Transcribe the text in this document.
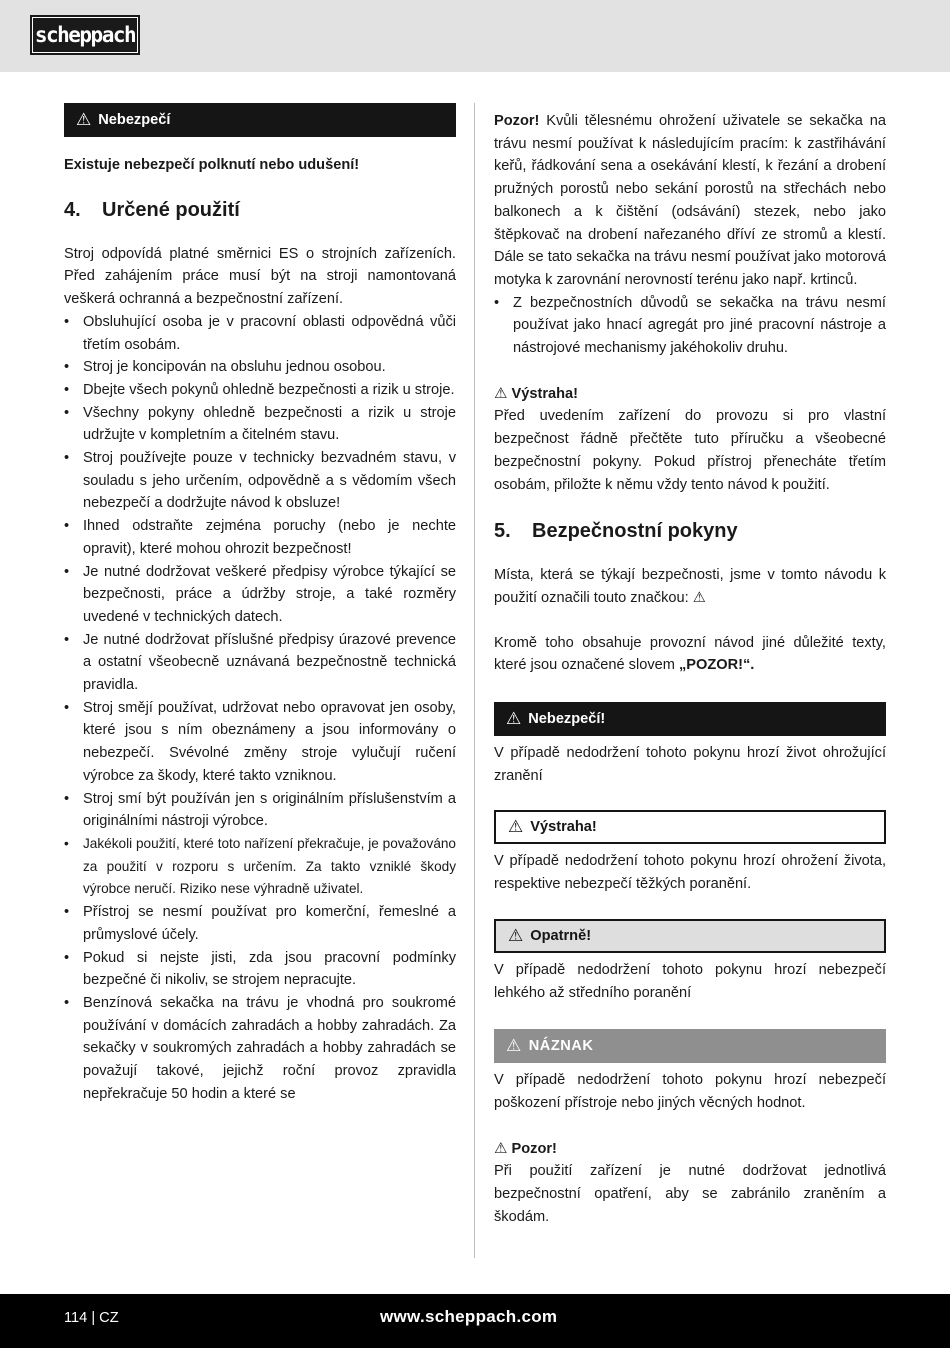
scheppach
⚠ Nebezpečí

Existuje nebezpečí polknutí nebo udušení!

4. Určené použití

Stroj odpovídá platné směrnici ES o strojních zařízeních. Před zahájením práce musí být na stroji namontovaná veškerá ochranná a bezpečnostní zařízení.

• Obsluhující osoba je v pracovní oblasti odpovědná vůči třetím osobám.
• Stroj je koncipován na obsluhu jednou osobou.
• Dbejte všech pokynů ohledně bezpečnosti a rizik u stroje.
• Všechny pokyny ohledně bezpečnosti a rizik u stroje udržujte v kompletním a čitelném stavu.
• Stroj používejte pouze v technicky bezvadném stavu, v souladu s jeho určením, odpovědně a s vědomím všech nebezpečí a dodržujte návod k obsluze!
• Ihned odstraňte zejména poruchy (nebo je nechte opravit), které mohou ohrozit bezpečnost!
• Je nutné dodržovat veškeré předpisy výrobce týkající se bezpečnosti, práce a údržby stroje, a také rozměry uvedené v technických datech.
• Je nutné dodržovat příslušné předpisy úrazové prevence a ostatní všeobecně uznávaná bezpečnostně technická pravidla.
• Stroj smějí používat, udržovat nebo opravovat jen osoby, které jsou s ním obeznámeny a jsou informovány o nebezpečí. Svévolné změny stroje vylučují ručení výrobce za škody, které takto vzniknou.
• Stroj smí být používán jen s originálním příslušenstvím a originálními nástroji výrobce.
• Jakékoli použití, které toto nařízení překračuje, je považováno za použití v rozporu s určením. Za takto vzniklé škody výrobce neručí. Riziko nese výhradně uživatel.
• Přístroj se nesmí používat pro komerční, řemeslné a průmyslové účely.
• Pokud si nejste jisti, zda jsou pracovní podmínky bezpečné či nikoliv, se strojem nepracujte.
• Benzínová sekačka na trávu je vhodná pro soukromé používání v domácích zahradách a hobby zahradách. Za sekačky v soukromých zahradách a hobby zahradách se považují takové, jejichž roční provoz zpravidla nepřekračuje 50 hodin a které se

Pozor! Kvůli tělesnému ohrožení uživatele se sekačka na trávu nesmí používat k následujícím pracím: k zastřihávání keřů, řádkování sena a osekávání klestí, k řezání a drobení pružných porostů nebo sekání porostů na střechách nebo balkonech a k čištění (odsávání) stezek, nebo jako štěpkovač na drobení nařezaného dříví ze stromů a klestí. Dále se tato sekačka na trávu nesmí používat jako motorová motyka k zarovnání nerovností terénu jako např. krtinců.

• Z bezpečnostních důvodů se sekačka na trávu nesmí používat jako hnací agregát pro jiné pracovní nástroje a nástrojové mechanismy jakéhokoliv druhu.

⚠ Výstraha!

Před uvedením zařízení do provozu si pro vlastní bezpečnost řádně přečtěte tuto příručku a všeobecné bezpečnostní pokyny. Pokud přístroj přenecháte třetím osobám, přiložte k němu vždy tento návod k použití.

5. Bezpečnostní pokyny

Místa, která se týkají bezpečnosti, jsme v tomto návodu k použití označili touto značkou: ⚠

Kromě toho obsahuje provozní návod jiné důležité texty, které jsou označené slovem „POZOR!“.

⚠ Nebezpečí!

V případě nedodržení tohoto pokynu hrozí život ohrožující zranění

⚠ Výstraha!

V případě nedodržení tohoto pokynu hrozí ohrožení života, respektive nebezpečí těžkých poranění.

⚠ Opatrně!

V případě nedodržení tohoto pokynu hrozí nebezpečí lehkého až středního poranění

⚠ NÁZNAK

V případě nedodržení tohoto pokynu hrozí nebezpečí poškození přístroje nebo jiných věcných hodnot.

⚠ Pozor!

Při použití zařízení je nutné dodržovat jednotlivá bezpečnostní opatření, aby se zabránilo zraněním a škodám.

114 | CZ	www.scheppach.com
